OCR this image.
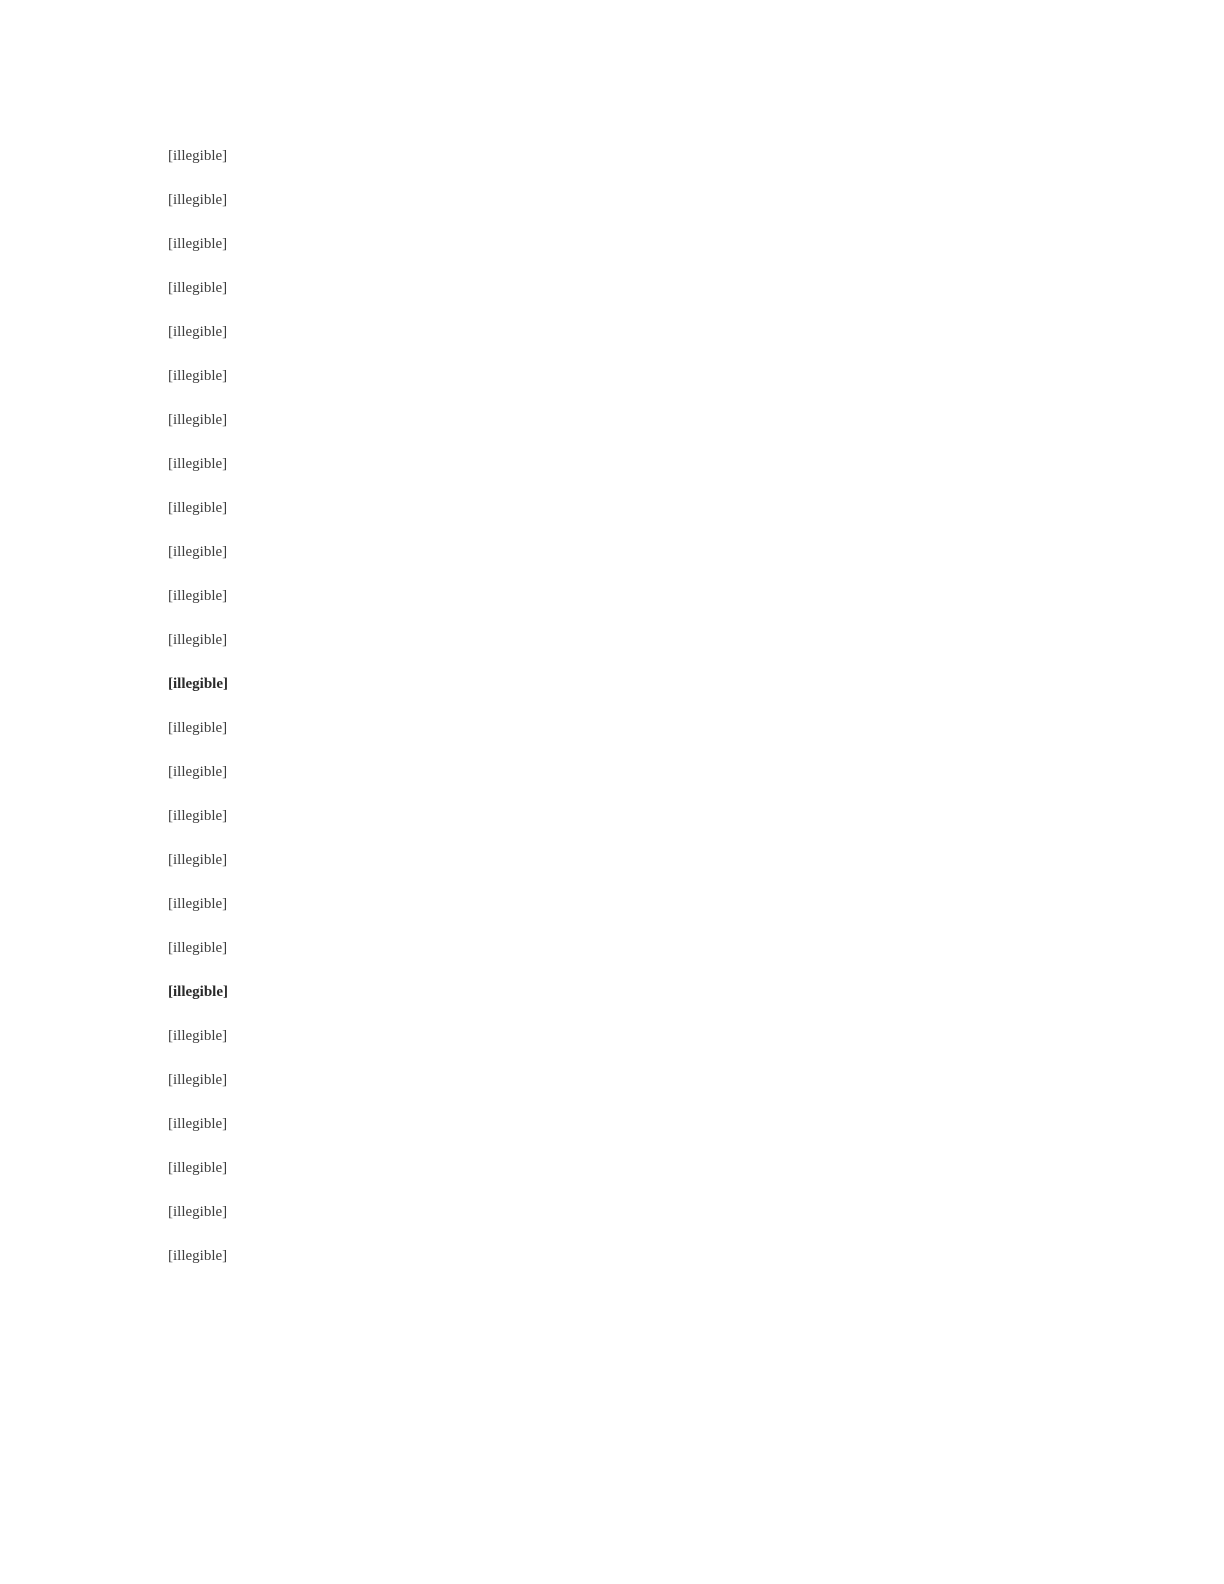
[illegible]

[illegible]

[illegible]

[illegible]

[illegible]

[illegible]

[illegible]

[illegible]

[illegible]

[illegible]

[illegible]

[illegible]

[illegible]

[illegible]

[illegible]

[illegible]

[illegible]

[illegible]

[illegible]

[illegible]

[illegible]

[illegible]

[illegible]

[illegible]

[illegible]

[illegible]
